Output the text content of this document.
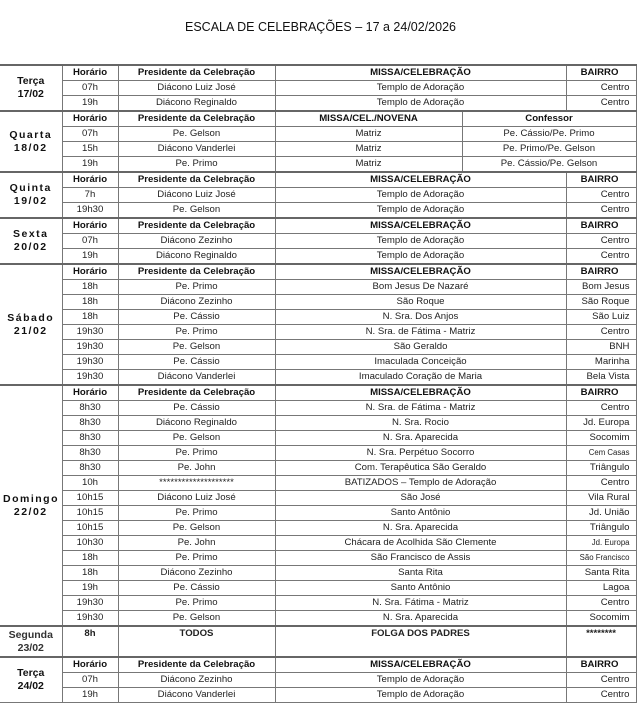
ESCALA DE CELEBRAÇÕES – 17 a 24/02/2026
Terça
17/02	Horário	Presidente da Celebração	MISSA/CELEBRAÇÃO		BAIRRO
	07h	Diácono Luiz José	Templo de Adoração		Centro
	19h	Diácono Reginaldo	Templo de Adoração		Centro

Quarta
18/02	Horário	Presidente da Celebração	MISSA/CEL./NOVENA	Confessor	
	07h	Pe. Gelson	Matriz	Pe. Cássio/Pe. Primo	
	15h	Diácono Vanderlei	Matriz	Pe. Primo/Pe. Gelson	
	19h	Pe. Primo	Matriz	Pe. Cássio/Pe. Gelson	

Quinta
19/02	Horário	Presidente da Celebração	MISSA/CELEBRAÇÃO		BAIRRO
	7h	Diácono Luiz José	Templo de Adoração		Centro
	19h30	Pe. Gelson	Templo de Adoração		Centro

Sexta
20/02	Horário	Presidente da Celebração	MISSA/CELEBRAÇÃO		BAIRRO
	07h	Diácono Zezinho	Templo de Adoração		Centro
	19h	Diácono Reginaldo	Templo de Adoração		Centro

Sábado
21/02	Horário	Presidente da Celebração	MISSA/CELEBRAÇÃO		BAIRRO
	18h	Pe. Primo	Bom Jesus De Nazaré		Bom Jesus
	18h	Diácono Zezinho	São Roque		São Roque
	18h	Pe. Cássio	N. Sra. Dos Anjos		São Luiz
	19h30	Pe. Primo	N. Sra. de Fátima - Matriz		Centro
	19h30	Pe. Gelson	São Geraldo		BNH
	19h30	Pe. Cássio	Imaculada Conceição		Marinha
	19h30	Diácono Vanderlei	Imaculado Coração de Maria		Bela Vista

Domingo
22/02	Horário	Presidente da Celebração	MISSA/CELEBRAÇÃO		BAIRRO
	8h30	Pe. Cássio	N. Sra. de Fátima - Matriz		Centro
	8h30	Diácono Reginaldo	N. Sra. Rocio		Jd. Europa
	8h30	Pe. Gelson	N. Sra. Aparecida		Socomim
	8h30	Pe. Primo	N. Sra. Perpétuo Socorro		Cem Casas
	8h30	Pe. John	Com. Terapêutica São Geraldo		Triângulo
	10h	********************	BATIZADOS – Templo de Adoração		Centro
	10h15	Diácono Luiz José	São José		Vila Rural
	10h15	Pe. Primo	Santo Antônio		Jd. União
	10h15	Pe. Gelson	N. Sra. Aparecida		Triângulo
	10h30	Pe. John	Chácara de Acolhida São Clemente		Jd. Europa
	18h	Pe. Primo	São Francisco de Assis		São Francisco
	18h	Diácono Zezinho	Santa Rita		Santa Rita
	19h	Pe. Cássio	Santo Antônio		Lagoa
	19h30	Pe. Primo	N. Sra. Fátima - Matriz		Centro
	19h30	Pe. Gelson	N. Sra. Aparecida		Socomim

Segunda
23/02	8h	TODOS	FOLGA DOS PADRES		********

Terça
24/02	Horário	Presidente da Celebração	MISSA/CELEBRAÇÃO		BAIRRO
	07h	Diácono Zezinho	Templo de Adoração		Centro
	19h	Diácono Vanderlei	Templo de Adoração		Centro
